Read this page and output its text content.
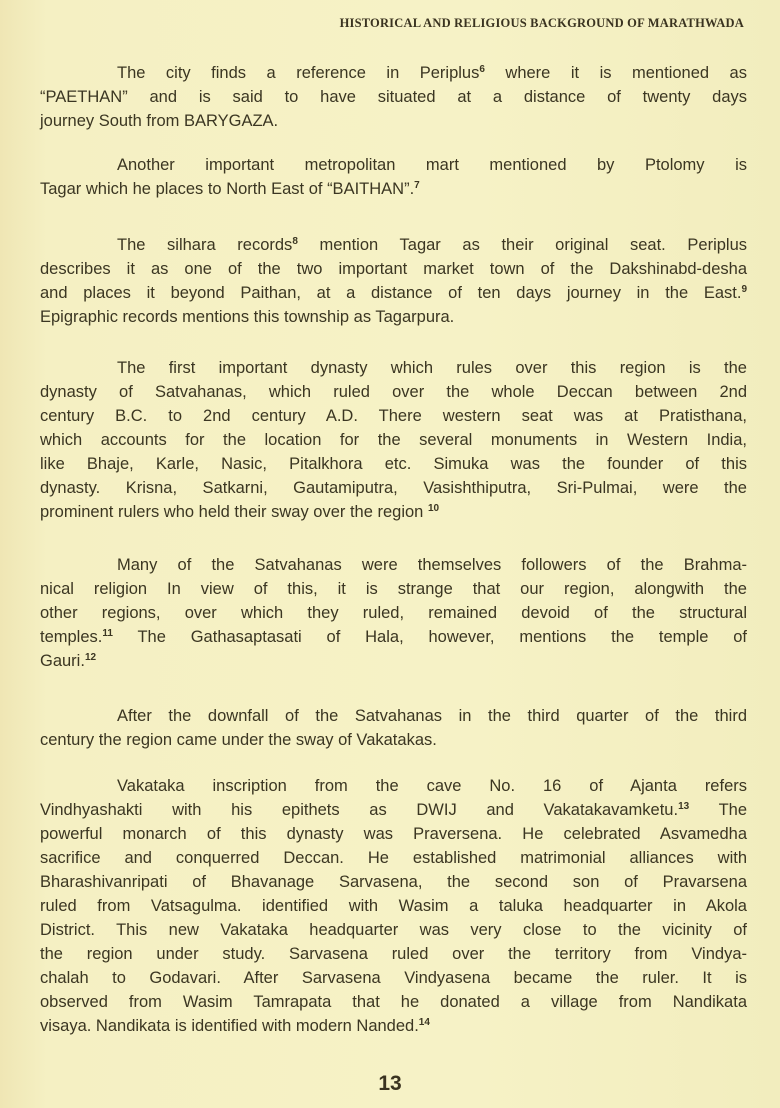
HISTORICAL AND RELIGIOUS BACKGROUND OF MARATHWADA
The city finds a reference in Periplus$^6$ where it is mentioned as
“PAETHAN” and is said to have situated at a distance of twenty days
journey South from BARYGAZA.
Another important metropolitan mart mentioned by Ptolomy is
Tagar which he places to North East of “BAITHAN”.$^7$
The silhara records$^8$ mention Tagar as their original seat. Periplus
describes it as one of the two important market town of the Dakshinabd-desha
and places it beyond Paithan, at a distance of ten days journey in the East.$^9$
Epigraphic records mentions this township as Tagarpura.
The first important dynasty which rules over this region is the
dynasty of Satvahanas, which ruled over the whole Deccan between 2nd
century B.C. to 2nd century A.D. There western seat was at Pratisthana,
which accounts for the location for the several monuments in Western India,
like Bhaje, Karle, Nasic, Pitalkhora etc. Simuka was the founder of this
dynasty. Krisna, Satkarni, Gautamiputra, Vasishthiputra, Sri-Pulmai, were the
prominent rulers who held their sway over the region $^{10}$
Many of the Satvahanas were themselves followers of the Brahma-
nical religion In view of this, it is strange that our region, alongwith the
other regions, over which they ruled, remained devoid of the structural
temples.$^{11}$ The Gathasaptasati of Hala, however, mentions the temple of
Gauri.$^{12}$
After the downfall of the Satvahanas in the third quarter of the third
century the region came under the sway of Vakatakas.
Vakataka inscription from the cave No. 16 of Ajanta refers
Vindhyashakti with his epithets as DWIJ and Vakatakavamketu.$^{13}$ The
powerful monarch of this dynasty was Praversena. He celebrated Asvamedha
sacrifice and conquerred Deccan. He established matrimonial alliances with
Bharashivanripati of Bhavanage Sarvasena, the second son of Pravarsena
ruled from Vatsagulma. identified with Wasim a taluka headquarter in Akola
District. This new Vakataka headquarter was very close to the vicinity of
the region under study. Sarvasena ruled over the territory from Vindya-
chalah to Godavari. After Sarvasena Vindyasena became the ruler. It is
observed from Wasim Tamrapata that he donated a village from Nandikata
visaya. Nandikata is identified with modern Nanded.$^{14}$
13
